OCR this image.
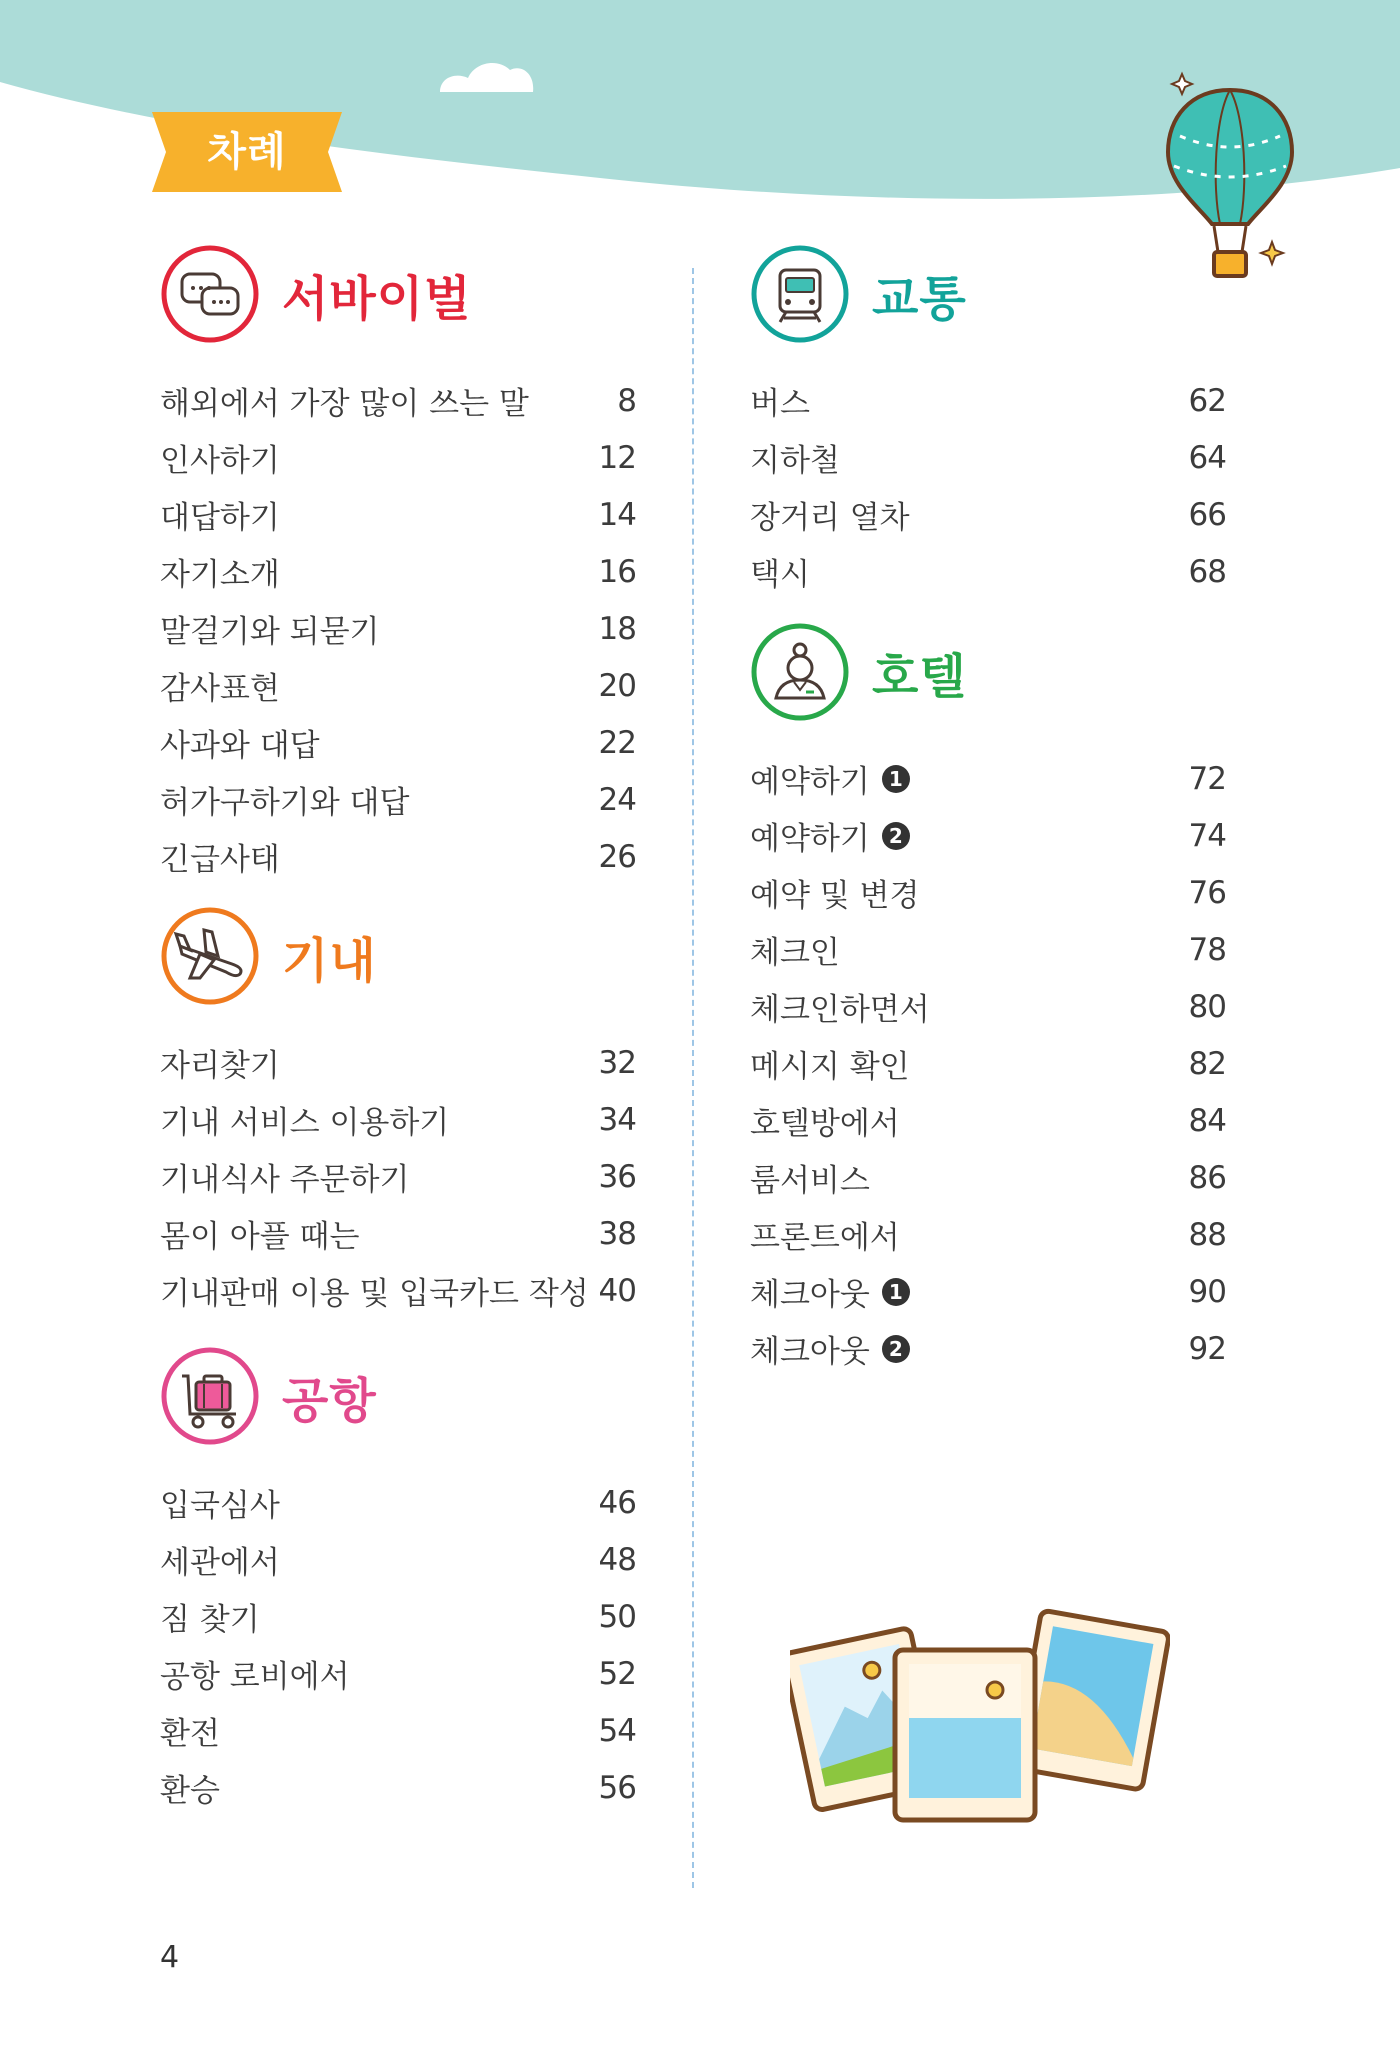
차례
서바이벌
해외에서 가장 많이 쓰는 말	8
인사하기	12
대답하기	14
자기소개	16
말걸기와 되묻기	18
감사표현	20
사과와 대답	22
허가구하기와 대답	24
긴급사태	26
기내
자리찾기	32
기내 서비스 이용하기	34
기내식사 주문하기	36
몸이 아플 때는	38
기내판매 이용 및 입국카드 작성 40
공항
입국심사	46
세관에서	48
짐 찾기	50
공항 로비에서	52
환전	54
환승	56
교통
버스	62
지하철	64
장거리 열차	66
택시	68
호텔
예약하기 1	72
예약하기 2	74
예약 및 변경	76
체크인	78
체크인하면서	80
메시지 확인	82
호텔방에서	84
룸서비스	86
프론트에서	88
체크아웃 1	90
체크아웃 2	92
4
